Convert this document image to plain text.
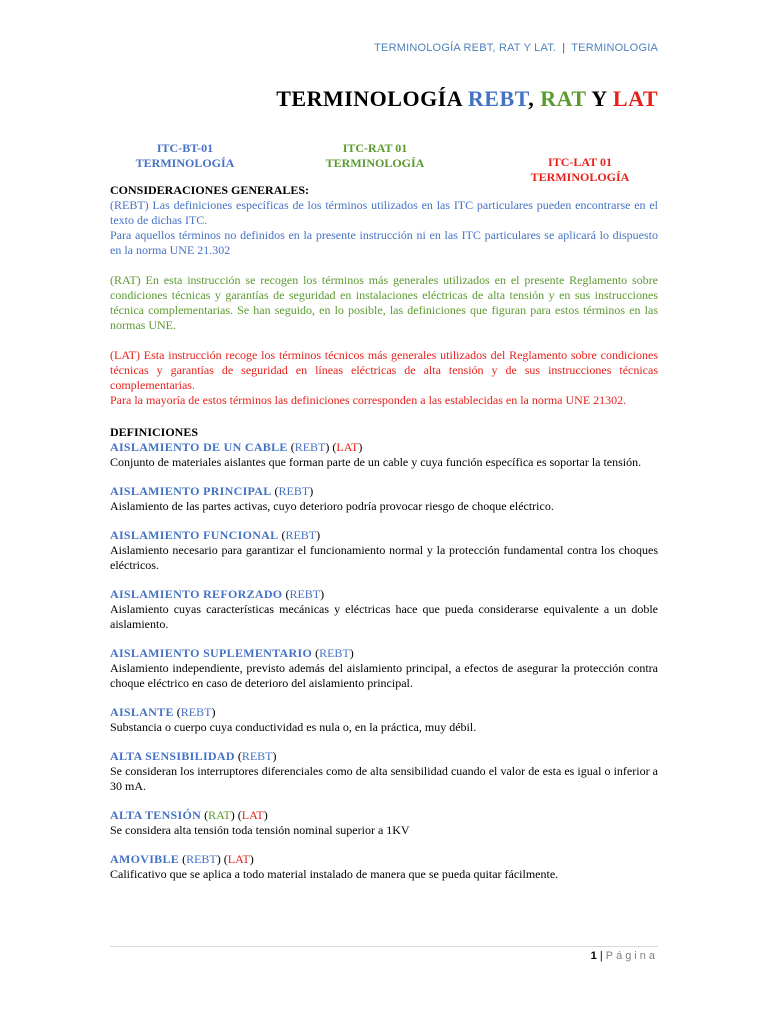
TERMINOLOGÍA REBT, RAT Y LAT. | TERMINOLOGIA
TERMINOLOGÍA REBT, RAT Y LAT
ITC-BT-01
TERMINOLOGÍA
ITC-RAT 01
TERMINOLOGÍA	ITC-LAT 01
TERMINOLOGÍA
CONSIDERACIONES GENERALES:

(REBT) Las definiciones específicas de los términos utilizados en las ITC particulares pueden encontrarse en el texto de dichas ITC.

Para aquellos términos no definidos en la presente instrucción ni en las ITC particulares se aplicará lo dispuesto en la norma UNE 21.302

(RAT) En esta instrucción se recogen los términos más generales utilizados en el presente Reglamento sobre condiciones técnicas y garantías de seguridad en instalaciones eléctricas de alta tensión y en sus instrucciones técnica complementarias. Se han seguido, en lo posible, las definiciones que figuran para estos términos en las normas UNE.

(LAT) Esta instrucción recoge los términos técnicos más generales utilizados del Reglamento sobre condiciones técnicas y garantías de seguridad en líneas eléctricas de alta tensión y de sus instrucciones técnicas complementarias.

Para la mayoría de estos términos las definiciones corresponden a las establecidas en la norma UNE 21302.

DEFINICIONES
AISLAMIENTO DE UN CABLE (REBT) (LAT)

Conjunto de materiales aislantes que forman parte de un cable y cuya función específica es soportar la tensión.

AISLAMIENTO PRINCIPAL (REBT)

Aislamiento de las partes activas, cuyo deterioro podría provocar riesgo de choque eléctrico.

AISLAMIENTO FUNCIONAL (REBT)

Aislamiento necesario para garantizar el funcionamiento normal y la protección fundamental contra los choques eléctricos.

AISLAMIENTO REFORZADO (REBT)

Aislamiento cuyas características mecánicas y eléctricas hace que pueda considerarse equivalente a un doble aislamiento.

AISLAMIENTO SUPLEMENTARIO (REBT)

Aislamiento independiente, previsto además del aislamiento principal, a efectos de asegurar la protección contra choque eléctrico en caso de deterioro del aislamiento principal.

AISLANTE (REBT)

Substancia o cuerpo cuya conductividad es nula o, en la práctica, muy débil.

ALTA SENSIBILIDAD (REBT)

Se consideran los interruptores diferenciales como de alta sensibilidad cuando el valor de esta es igual o inferior a 30 mA.

ALTA TENSIÓN (RAT) (LAT)

Se considera alta tensión toda tensión nominal superior a 1KV

AMOVIBLE (REBT) (LAT)

Calificativo que se aplica a todo material instalado de manera que se pueda quitar fácilmente.

1 | Página
